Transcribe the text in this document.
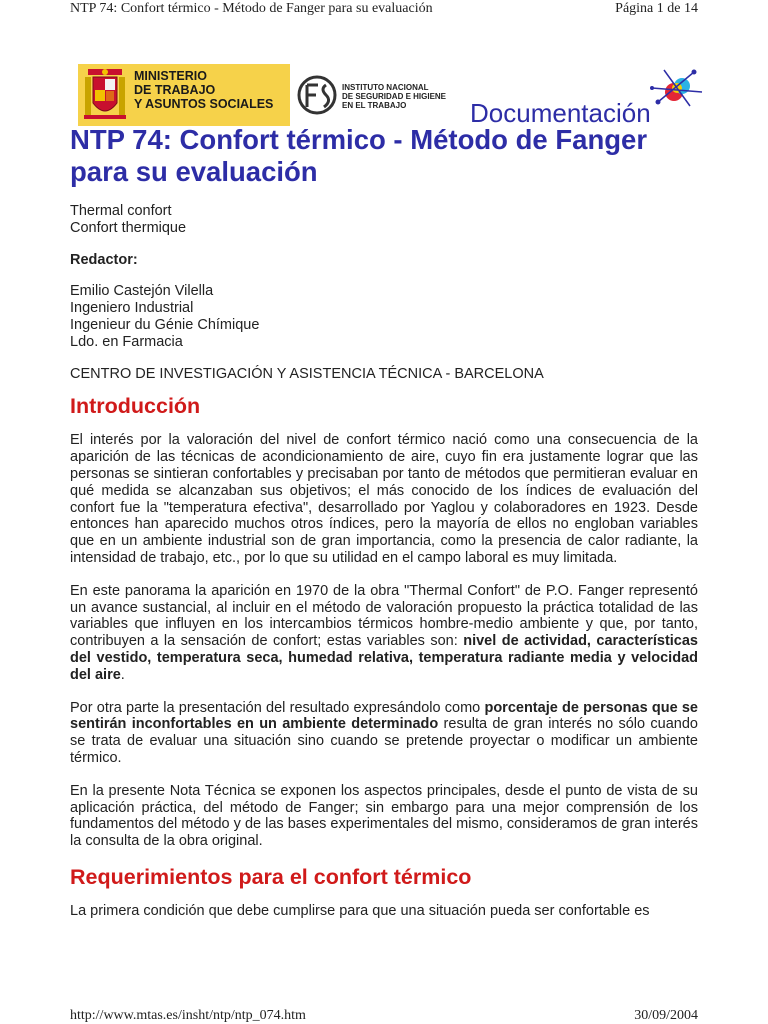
NTP 74: Confort térmico - Método de Fanger para su evaluación	Página 1 de 14
MINISTERIO
DE TRABAJO
Y ASUNTOS SOCIALES
INSTITUTO NACIONAL
DE SEGURIDAD E HIGIENE
EN EL TRABAJO	Documentación
NTP 74: Confort térmico - Método de Fanger para su evaluación

Thermal confort

Confort thermique

Redactor:

Emilio Castejón Vilella

Ingeniero Industrial

Ingenieur du Génie Chímique

Ldo. en Farmacia

CENTRO DE INVESTIGACIÓN Y ASISTENCIA TÉCNICA - BARCELONA

Introducción

El interés por la valoración del nivel de confort térmico nació como una consecuencia de la aparición de las técnicas de acondicionamiento de aire, cuyo fin era justamente lograr que las personas se sintieran confortables y precisaban por tanto de métodos que permitieran evaluar en qué medida se alcanzaban sus objetivos; el más conocido de los índices de evaluación del confort fue la "temperatura efectiva", desarrollado por Yaglou y colaboradores en 1923. Desde entonces han aparecido muchos otros índices, pero la mayoría de ellos no engloban variables que en un ambiente industrial son de gran importancia, como la presencia de calor radiante, la intensidad de trabajo, etc., por lo que su utilidad en el campo laboral es muy limitada.

En este panorama la aparición en 1970 de la obra "Thermal Confort" de P.O. Fanger representó un avance sustancial, al incluir en el método de valoración propuesto la práctica totalidad de las variables que influyen en los intercambios térmicos hombre-medio ambiente y que, por tanto, contribuyen a la sensación de confort; estas variables son: nivel de actividad, características del vestido, temperatura seca, humedad relativa, temperatura radiante media y velocidad del aire.

Por otra parte la presentación del resultado expresándolo como porcentaje de personas que se sentirán inconfortables en un ambiente determinado resulta de gran interés no sólo cuando se trata de evaluar una situación sino cuando se pretende proyectar o modificar un ambiente térmico.

En la presente Nota Técnica se exponen los aspectos principales, desde el punto de vista de su aplicación práctica, del método de Fanger; sin embargo para una mejor comprensión de los fundamentos del método y de las bases experimentales del mismo, consideramos de gran interés la consulta de la obra original.

Requerimientos para el confort térmico

La primera condición que debe cumplirse para que una situación pueda ser confortable es

http://www.mtas.es/insht/ntp/ntp_074.htm	30/09/2004
